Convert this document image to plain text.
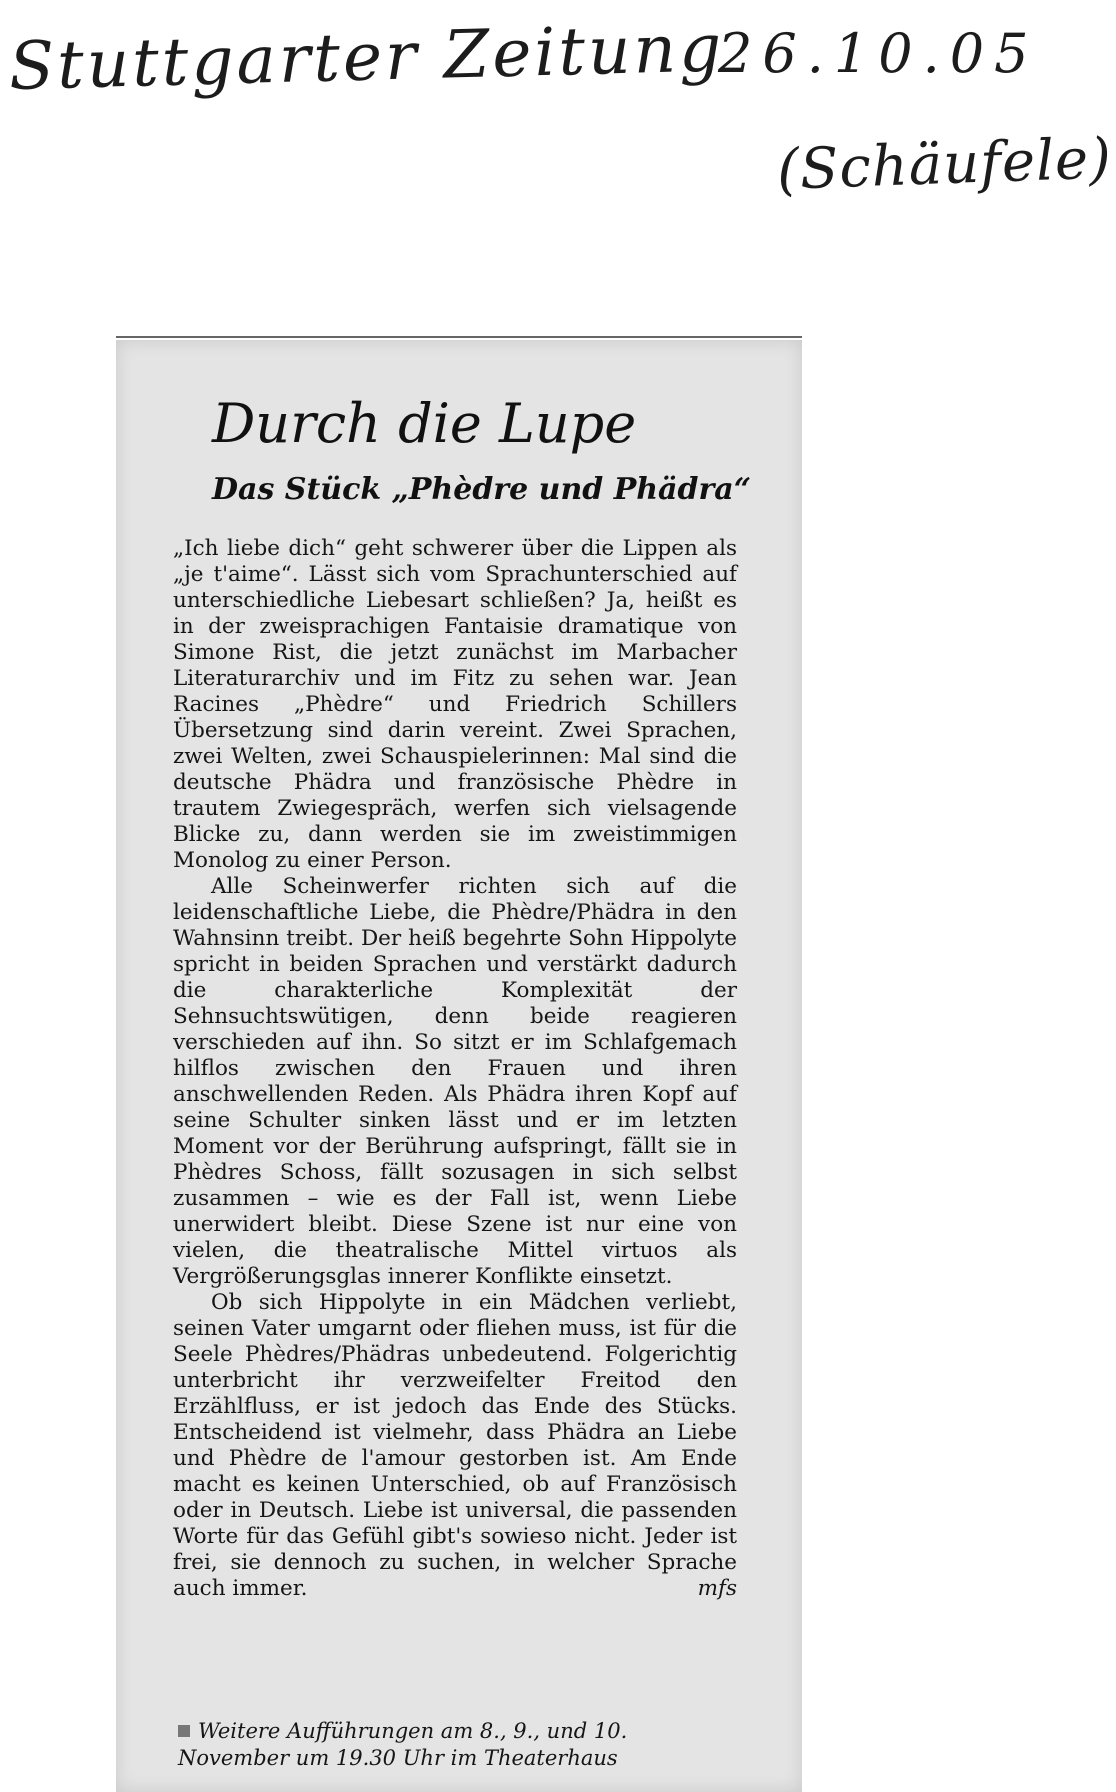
Stuttgarter Zeitung
26.10.05
(Schäufele)
Durch die Lupe
Das Stück „Phèdre und Phädra“

„Ich liebe dich“ geht schwerer über die Lippen als „je t'aime“. Lässt sich vom Sprachunterschied auf unterschiedliche Liebesart schließen? Ja, heißt es in der zweisprachigen Fantaisie dramatique von Simone Rist, die jetzt zunächst im Marbacher Literaturarchiv und im Fitz zu sehen war. Jean Racines „Phèdre“ und Friedrich Schillers Übersetzung sind darin vereint. Zwei Sprachen, zwei Welten, zwei Schauspielerinnen: Mal sind die deutsche Phädra und französische Phèdre in trautem Zwiegespräch, werfen sich vielsagende Blicke zu, dann werden sie im zweistimmigen Monolog zu einer Person.

Alle Scheinwerfer richten sich auf die leidenschaftliche Liebe, die Phèdre/Phädra in den Wahnsinn treibt. Der heiß begehrte Sohn Hippolyte spricht in beiden Sprachen und verstärkt dadurch die charakterliche Komplexität der Sehnsuchtswütigen, denn beide reagieren verschieden auf ihn. So sitzt er im Schlafgemach hilflos zwischen den Frauen und ihren anschwellenden Reden. Als Phädra ihren Kopf auf seine Schulter sinken lässt und er im letzten Moment vor der Berührung aufspringt, fällt sie in Phèdres Schoss, fällt sozusagen in sich selbst zusammen – wie es der Fall ist, wenn Liebe unerwidert bleibt. Diese Szene ist nur eine von vielen, die theatralische Mittel virtuos als Vergrößerungsglas innerer Konflikte einsetzt.

Ob sich Hippolyte in ein Mädchen verliebt, seinen Vater umgarnt oder fliehen muss, ist für die Seele Phèdres/Phädras unbedeutend. Folgerichtig unterbricht ihr verzweifelter Freitod den Erzählfluss, er ist jedoch das Ende des Stücks. Entscheidend ist vielmehr, dass Phädra an Liebe und Phèdre de l'amour gestorben ist. Am Ende macht es keinen Unterschied, ob auf Französisch oder in Deutsch. Liebe ist universal, die passenden Worte für das Gefühl gibt's sowieso nicht. Jeder ist frei, sie dennoch zu suchen, in welcher Sprache auch immer.	mfs
Weitere Aufführungen am 8., 9., und 10. November um 19.30 Uhr im Theaterhaus
